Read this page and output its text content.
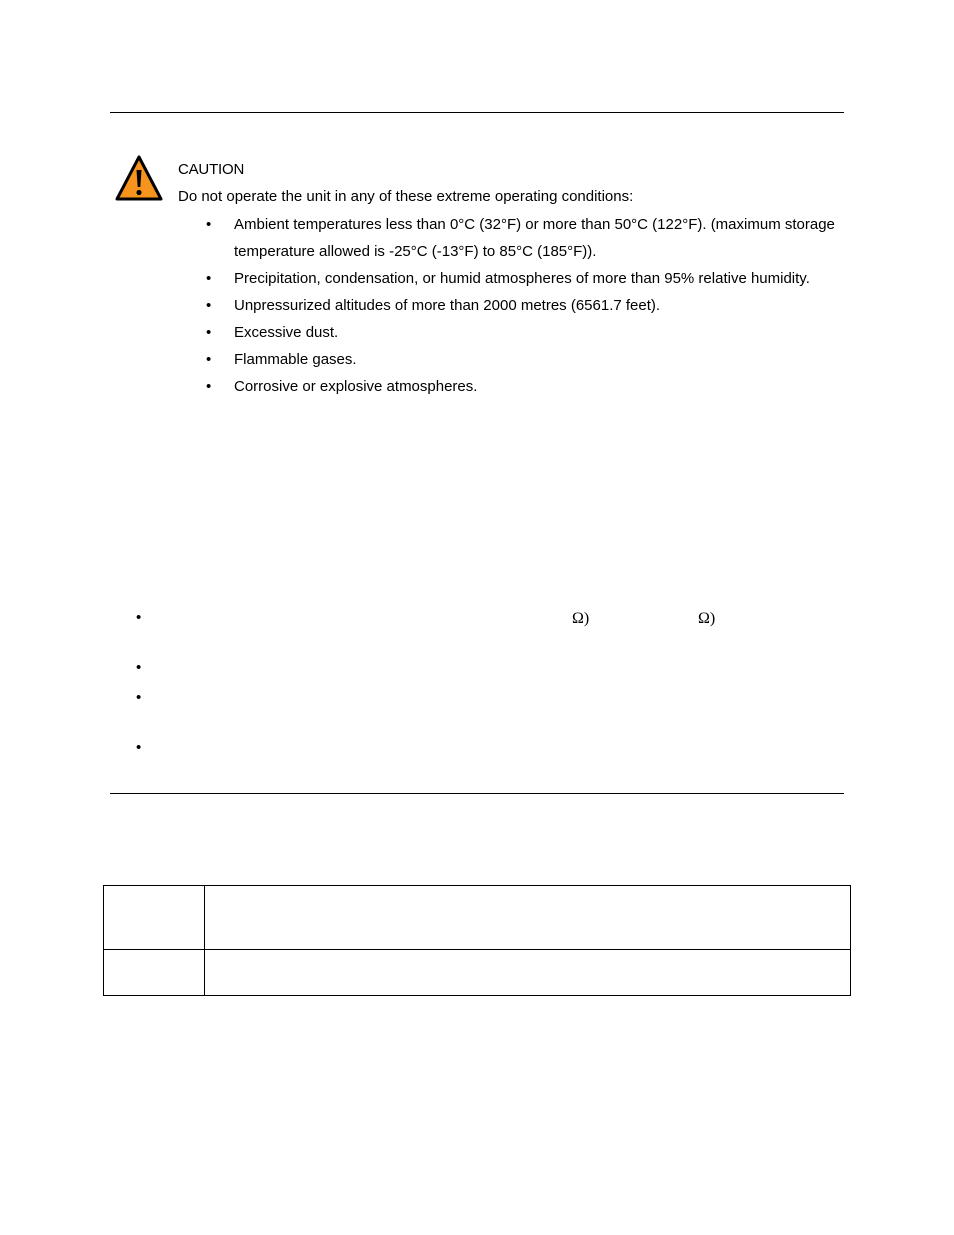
CAUTION
Do not operate the unit in any of these extreme operating conditions:
• Ambient temperatures less than 0°C (32°F) or more than 50°C (122°F). (maximum storage temperature allowed is -25°C (-13°F) to 85°C (185°F)).
• Precipitation, condensation, or humid atmospheres of more than 95% relative humidity.
• Unpressurized altitudes of more than 2000 metres (6561.7 feet).
• Excessive dust.
• Flammable gases.
• Corrosive or explosive atmospheres.
•	Ω)	Ω)
•
•
•
